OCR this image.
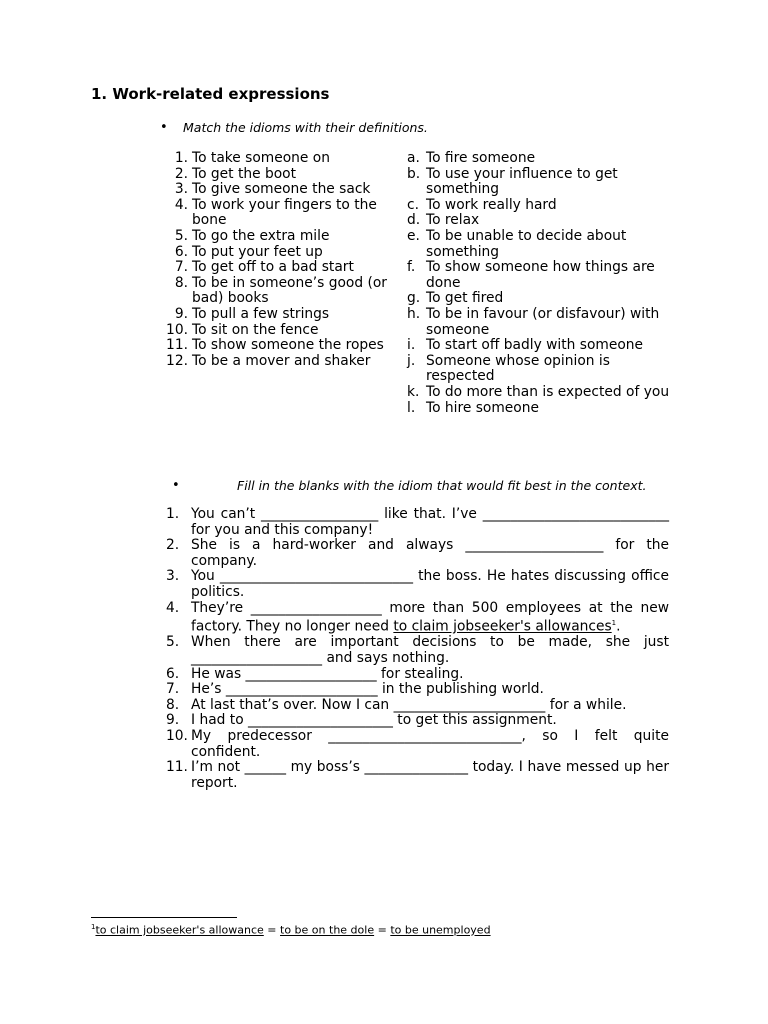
1. Work-related expressions
• Match the idioms with their definitions.
1. To take someone on
2. To get the boot
3. To give someone the sack
4. To work your fingers to the bone
5. To go the extra mile
6. To put your feet up
7. To get off to a bad start
8. To be in someone’s good (or bad) books
9. To pull a few strings
10. To sit on the fence
11. To show someone the ropes
12. To be a mover and shaker
a. To fire someone
b. To use your influence to get something
c. To work really hard
d. To relax
e. To be unable to decide about something
f. To show someone how things are done
g. To get fired
h. To be in favour (or disfavour) with someone
i. To start off badly with someone
j. Someone whose opinion is respected
k. To do more than is expected of you
l. To hire someone
•	Fill in the blanks with the idiom that would fit best in the context.
1. You can’t _________________ like that. I’ve ___________________________ for you and this company!
2. She is a hard-worker and always ____________________ for the company.
3. You ____________________________ the boss. He hates discussing office politics.
4. They’re ___________________ more than 500 employees at the new factory. They no longer need to claim jobseeker's allowances$^1$.
5. When there are important decisions to be made, she just ___________________ and says nothing.
6. He was ___________________ for stealing.
7. He’s ______________________ in the publishing world.
8. At last that’s over. Now I can ______________________ for a while.
9. I had to _____________________ to get this assignment.
10. My predecessor ____________________________, so I felt quite confident.
11. I’m not ______ my boss’s _______________ today. I have messed up her report.
$^1$to claim jobseeker's allowance = to be on the dole = to be unemployed
